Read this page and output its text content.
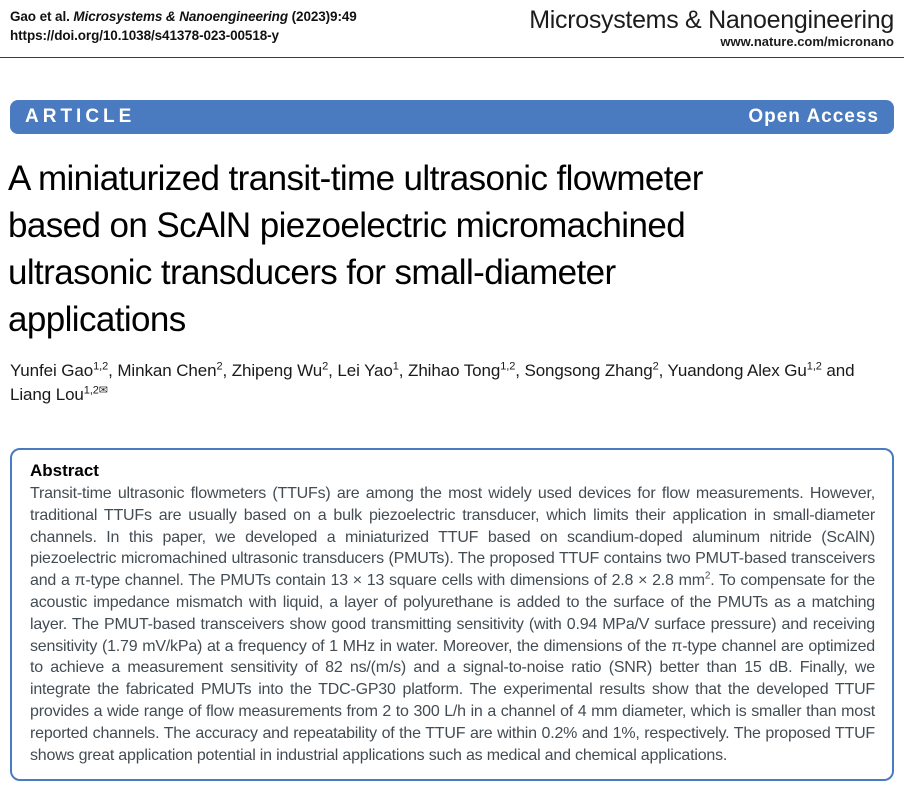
Gao et al. Microsystems & Nanoengineering (2023)9:49
https://doi.org/10.1038/s41378-023-00518-y
Microsystems & Nanoengineering
www.nature.com/micronano
ARTICLE	Open Access
A miniaturized transit-time ultrasonic flowmeter
based on ScAlN piezoelectric micromachined
ultrasonic transducers for small-diameter
applications
Yunfei Gao$^{1,2}$, Minkan Chen$^2$, Zhipeng Wu$^2$, Lei Yao$^1$, Zhihao Tong$^{1,2}$, Songsong Zhang$^2$, Yuandong Alex Gu$^{1,2}$ and Liang Lou$^{1,2✉}$
Abstract
Transit-time ultrasonic flowmeters (TTUFs) are among the most widely used devices for flow measurements. However, traditional TTUFs are usually based on a bulk piezoelectric transducer, which limits their application in small-diameter channels. In this paper, we developed a miniaturized TTUF based on scandium-doped aluminum nitride (ScAlN) piezoelectric micromachined ultrasonic transducers (PMUTs). The proposed TTUF contains two PMUT-based transceivers and a π-type channel. The PMUTs contain 13 × 13 square cells with dimensions of 2.8 × 2.8 $mm^2$. To compensate for the acoustic impedance mismatch with liquid, a layer of polyurethane is added to the surface of the PMUTs as a matching layer. The PMUT-based transceivers show good transmitting sensitivity (with 0.94 MPa/V surface pressure) and receiving sensitivity (1.79 mV/kPa) at a frequency of 1 MHz in water. Moreover, the dimensions of the π-type channel are optimized to achieve a measurement sensitivity of 82 ns/(m/s) and a signal-to-noise ratio (SNR) better than 15 dB. Finally, we integrate the fabricated PMUTs into the TDC-GP30 platform. The experimental results show that the developed TTUF provides a wide range of flow measurements from 2 to 300 L/h in a channel of 4 mm diameter, which is smaller than most reported channels. The accuracy and repeatability of the TTUF are within 0.2% and 1%, respectively. The proposed TTUF shows great application potential in industrial applications such as medical and chemical applications.
